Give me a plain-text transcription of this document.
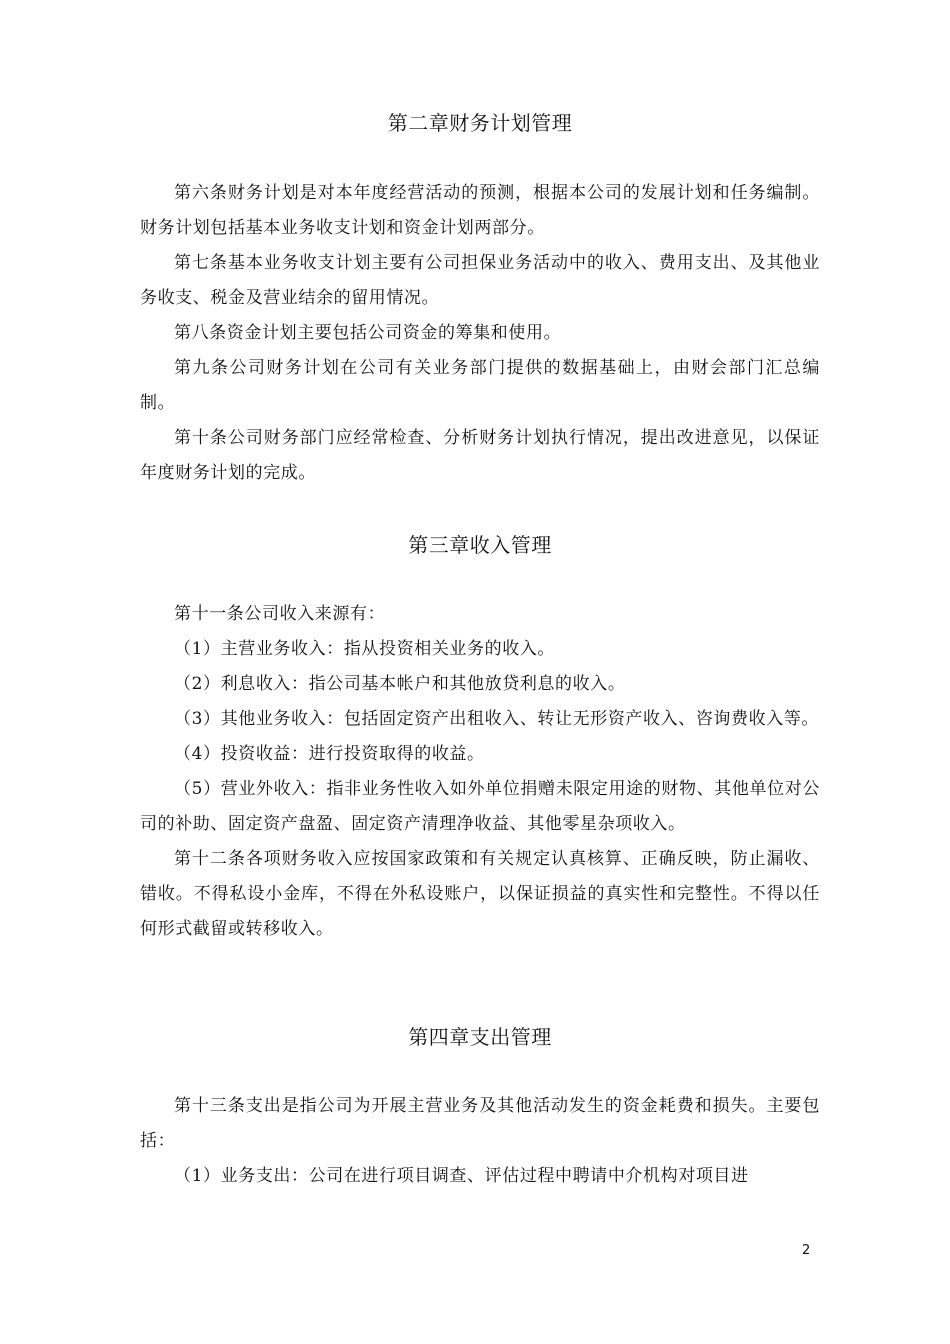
第二章财务计划管理

第六条财务计划是对本年度经营活动的预测，根据本公司的发展计划和任务编制。财务计划包括基本业务收支计划和资金计划两部分。

第七条基本业务收支计划主要有公司担保业务活动中的收入、费用支出、及其他业务收支、税金及营业结余的留用情况。

第八条资金计划主要包括公司资金的筹集和使用。

第九条公司财务计划在公司有关业务部门提供的数据基础上，由财会部门汇总编制。

第十条公司财务部门应经常检查、分析财务计划执行情况，提出改进意见，以保证年度财务计划的完成。

第三章收入管理

第十一条公司收入来源有：

（1）主营业务收入：指从投资相关业务的收入。

（2）利息收入：指公司基本帐户和其他放贷利息的收入。

（3）其他业务收入：包括固定资产出租收入、转让无形资产收入、咨询费收入等。

（4）投资收益：进行投资取得的收益。

（5）营业外收入：指非业务性收入如外单位捐赠未限定用途的财物、其他单位对公司的补助、固定资产盘盈、固定资产清理净收益、其他零星杂项收入。

第十二条各项财务收入应按国家政策和有关规定认真核算、正确反映，防止漏收、错收。不得私设小金库，不得在外私设账户，以保证损益的真实性和完整性。不得以任何形式截留或转移收入。

第四章支出管理

第十三条支出是指公司为开展主营业务及其他活动发生的资金耗费和损失。主要包括：

（1）业务支出：公司在进行项目调查、评估过程中聘请中介机构对项目进

2
